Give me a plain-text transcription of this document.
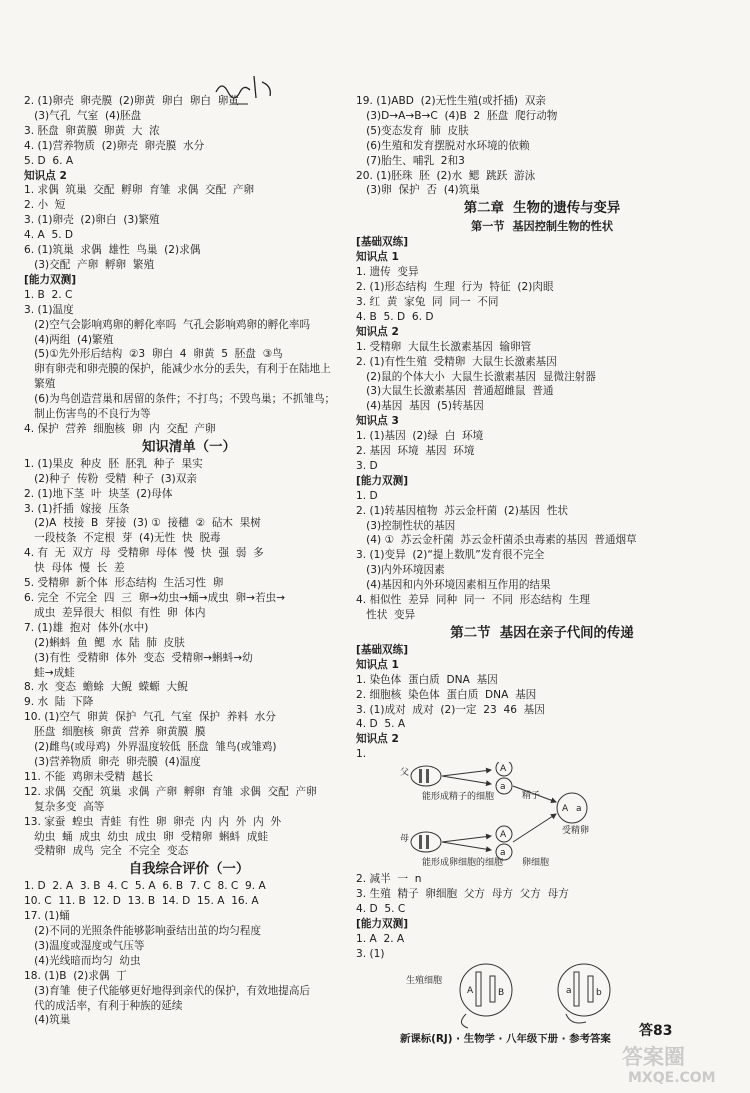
2. (1)卵壳  卵壳膜  (2)卵黄  卵白  卵白  卵黄
(3)气孔  气室  (4)胚盘
3. 胚盘  卵黄膜  卵黄  大  浓
4. (1)营养物质  (2)卵壳  卵壳膜  水分
5. D  6. A
知识点 2
1. 求偶  筑巢  交配  孵卵  育雏  求偶  交配  产卵
2. 小  短
3. (1)卵壳  (2)卵白  (3)繁殖
4. A  5. D
6. (1)筑巢  求偶  雄性  鸟巢  (2)求偶
(3)交配  产卵  孵卵  繁殖
[能力双测]
1. B  2. C
3. (1)温度
(2)空气会影响鸡卵的孵化率吗  气孔会影响鸡卵的孵化率吗
(4)两组  (4)繁殖
(5)①先外形后结构  ②3  卵白  4  卵黄  5  胚盘  ③鸟
卵有卵壳和卵壳膜的保护，能减少水分的丢失，有利于在陆地上
繁殖
(6)为鸟创造营巢和居留的条件；不打鸟；不毁鸟巢；不抓雏鸟；
制止伤害鸟的不良行为等
4. 保护  营养  细胞核  卵  内  交配  产卵
知识清单（一）
1. (1)果皮  种皮  胚  胚乳  种子  果实
(2)种子  传粉  受精  种子  (3)双亲
2. (1)地下茎  叶  块茎  (2)母体
3. (1)扦插  嫁接  压条
(2)A  枝接  B  芽接  (3) ①  接穗  ②  砧木  果树
一段枝条  不定根  芽  (4)无性  快  脱毒
4. 有  无  双方  母  受精卵  母体  慢  快  强  弱  多
快  母体  慢  长  差
5. 受精卵  新个体  形态结构  生活习性  卵
6. 完全  不完全  四  三  卵→幼虫→蛹→成虫  卵→若虫→
成虫  差异很大  相似  有性  卵  体内
7. (1)雄  抱对  体外(水中)
(2)蝌蚪  鱼  鳃  水  陆  肺  皮肤
(3)有性  受精卵  体外  变态  受精卵→蝌蚪→幼
蛙→成蛙
8. 水  变态  蟾蜍  大鲵  蝾螈  大鲵
9. 水  陆  下降
10. (1)空气  卵黄  保护  气孔  气室  保护  养料  水分
胚盘  细胞核  卵黄  营养  卵黄膜  膜
(2)雌鸟(或母鸡)  外界温度较低  胚盘  雏鸟(或雏鸡)
(3)营养物质  卵壳  卵壳膜  (4)温度
11. 不能  鸡卵未受精  越长
12. 求偶  交配  筑巢  求偶  产卵  孵卵  育雏  求偶  交配  产卵
复杂多变  高等
13. 家蚕  蝗虫  青蛙  有性  卵  卵壳  内  内  外  内  外
幼虫  蛹  成虫  幼虫  成虫  卵  受精卵  蝌蚪  成蛙
受精卵  成鸟  完全  不完全  变态
自我综合评价（一）
1. D  2. A  3. B  4. C  5. A  6. B  7. C  8. C  9. A
10. C  11. B  12. D  13. B  14. D  15. A  16. A
17. (1)蛹
(2)不同的光照条件能够影响蚕结出茧的均匀程度
(3)温度或湿度或气压等
(4)光线暗而均匀  幼虫
18. (1)B  (2)求偶  丁
(3)育雏  使子代能够更好地得到亲代的保护，有效地提高后
代的成活率，有利于种族的延续
(4)筑巢
19. (1)ABD  (2)无性生殖(或扦插)  双亲
(3)D→A→B→C  (4)B  2  胚盘  爬行动物
(5)变态发育  肺  皮肤
(6)生殖和发育摆脱对水环境的依赖
(7)胎生、哺乳  2和3
20. (1)胚珠  胚  (2)水  鳃  跳跃  游泳
(3)卵  保护  否  (4)筑巢
第二章  生物的遗传与变异
第一节  基因控制生物的性状
[基础双练]
知识点 1
1. 遗传  变异
2. (1)形态结构  生理  行为  特征  (2)肉眼
3. 红  黄  家兔  同  同一  不同
4. B  5. D  6. D
知识点 2
1. 受精卵  大鼠生长激素基因  输卵管
2. (1)有性生殖  受精卵  大鼠生长激素基因
(2)鼠的个体大小  大鼠生长激素基因  显微注射器
(3)大鼠生长激素基因  普通超雌鼠  普通
(4)基因  基因  (5)转基因
知识点 3
1. (1)基因  (2)绿  白  环境
2. 基因  环境  基因  环境
3. D
[能力双测]
1. D
2. (1)转基因植物  苏云金杆菌  (2)基因  性状
(3)控制性状的基因
(4) ①  苏云金杆菌  苏云金杆菌杀虫毒素的基因  普通烟草
3. (1)变异  (2)“提上数肌”发育很不完全
(3)内外环境因素
(4)基因和内外环境因素相互作用的结果
4. 相似性  差异  同种  同一  不同  形态结构  生理
性状  变异
第二节  基因在亲子代间的传递
[基础双练]
知识点 1
1. 染色体  蛋白质  DNA  基因
2. 细胞核  染色体  蛋白质  DNA  基因
3. (1)成对  成对  (2)一定  23  46  基因
4. D  5. A
知识点 2
1.
父
母
能形成精子的细胞	精子
能形成卵细胞的细胞 卵细胞
受精卵
A
a
A
a
A a
2. 减半  一  n
3. 生殖  精子  卵细胞  父方  母方  父方  母方
4. D  5. C
[能力双测]
1. A  2. A
3. (1)
生殖细胞
A	B	a	b
新课标(RJ) · 生物学 · 八年级下册 · 参考答案 答83
答案圈
MXQE.COM
